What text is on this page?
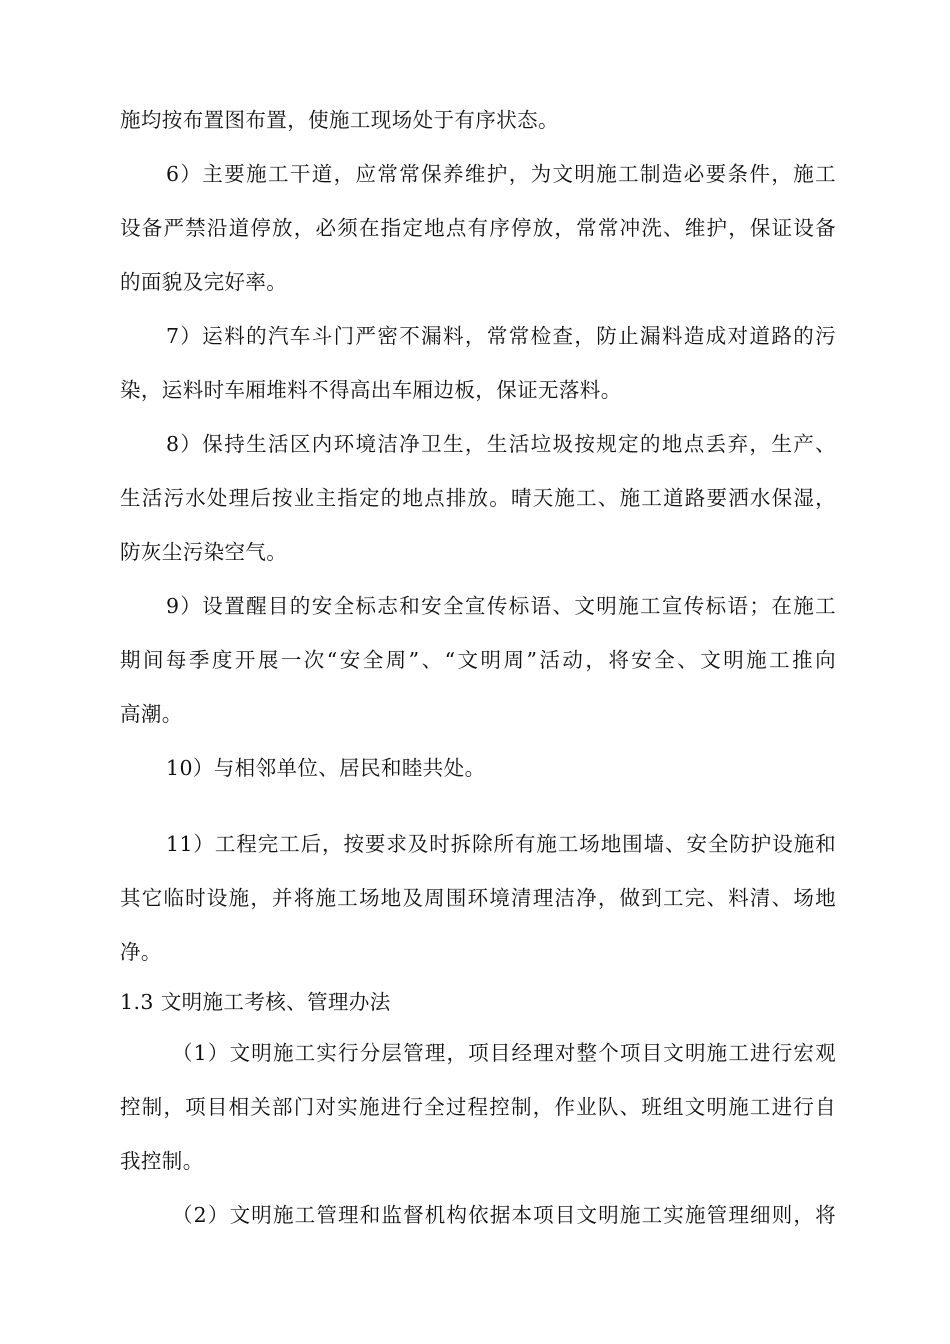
施均按布置图布置，使施工现场处于有序状态。
6）主要施工干道，应常常保养维护，为文明施工制造必要条件，施工
设备严禁沿道停放，必须在指定地点有序停放，常常冲洗、维护，保证设备
的面貌及完好率。
7）运料的汽车斗门严密不漏料，常常检查，防止漏料造成对道路的污
染，运料时车厢堆料不得高出车厢边板，保证无落料。
8）保持生活区内环境洁净卫生，生活垃圾按规定的地点丢弃，生产、
生活污水处理后按业主指定的地点排放。晴天施工、施工道路要洒水保湿，
防灰尘污染空气。
9）设置醒目的安全标志和安全宣传标语、文明施工宣传标语；在施工
期间每季度开展一次“安全周”、“文明周”活动，将安全、文明施工推向
高潮。
10）与相邻单位、居民和睦共处。
11）工程完工后，按要求及时拆除所有施工场地围墙、安全防护设施和
其它临时设施，并将施工场地及周围环境清理洁净，做到工完、料清、场地
净。
1.3 文明施工考核、管理办法
（1）文明施工实行分层管理，项目经理对整个项目文明施工进行宏观
控制，项目相关部门对实施进行全过程控制，作业队、班组文明施工进行自
我控制。
（2）文明施工管理和监督机构依据本项目文明施工实施管理细则，将
